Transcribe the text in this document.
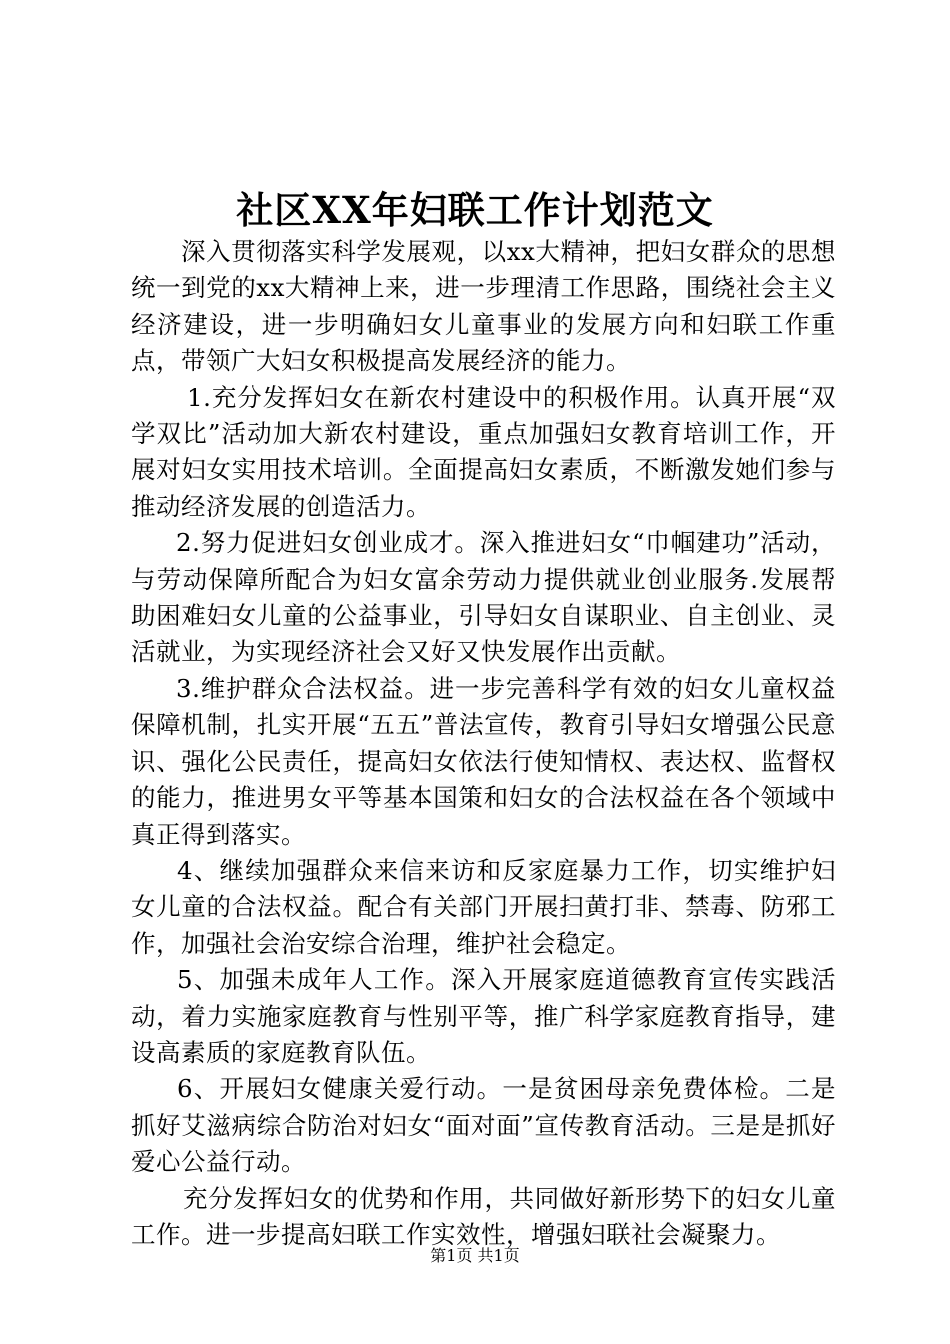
社区XX年妇联工作计划范文

深入贯彻落实科学发展观，以xx大精神，把妇女群众的思想统一到党的xx大精神上来，进一步理清工作思路，围绕社会主义经济建设，进一步明确妇女儿童事业的发展方向和妇联工作重点，带领广大妇女积极提高发展经济的能力。

1.充分发挥妇女在新农村建设中的积极作用。认真开展“双学双比”活动加大新农村建设，重点加强妇女教育培训工作，开展对妇女实用技术培训。全面提高妇女素质，不断激发她们参与推动经济发展的创造活力。

2.努力促进妇女创业成才。深入推进妇女“巾帼建功”活动，与劳动保障所配合为妇女富余劳动力提供就业创业服务.发展帮助困难妇女儿童的公益事业，引导妇女自谋职业、自主创业、灵活就业，为实现经济社会又好又快发展作出贡献。

3.维护群众合法权益。进一步完善科学有效的妇女儿童权益保障机制，扎实开展“五五”普法宣传，教育引导妇女增强公民意识、强化公民责任，提高妇女依法行使知情权、表达权、监督权的能力，推进男女平等基本国策和妇女的合法权益在各个领域中真正得到落实。

4、继续加强群众来信来访和反家庭暴力工作，切实维护妇女儿童的合法权益。配合有关部门开展扫黄打非、禁毒、防邪工作，加强社会治安综合治理，维护社会稳定。

5、加强未成年人工作。深入开展家庭道德教育宣传实践活动，着力实施家庭教育与性别平等，推广科学家庭教育指导，建设高素质的家庭教育队伍。

6、开展妇女健康关爱行动。一是贫困母亲免费体检。二是抓好艾滋病综合防治对妇女“面对面”宣传教育活动。三是是抓好爱心公益行动。

充分发挥妇女的优势和作用，共同做好新形势下的妇女儿童工作。进一步提高妇联工作实效性，增强妇联社会凝聚力。

第1页 共1页
